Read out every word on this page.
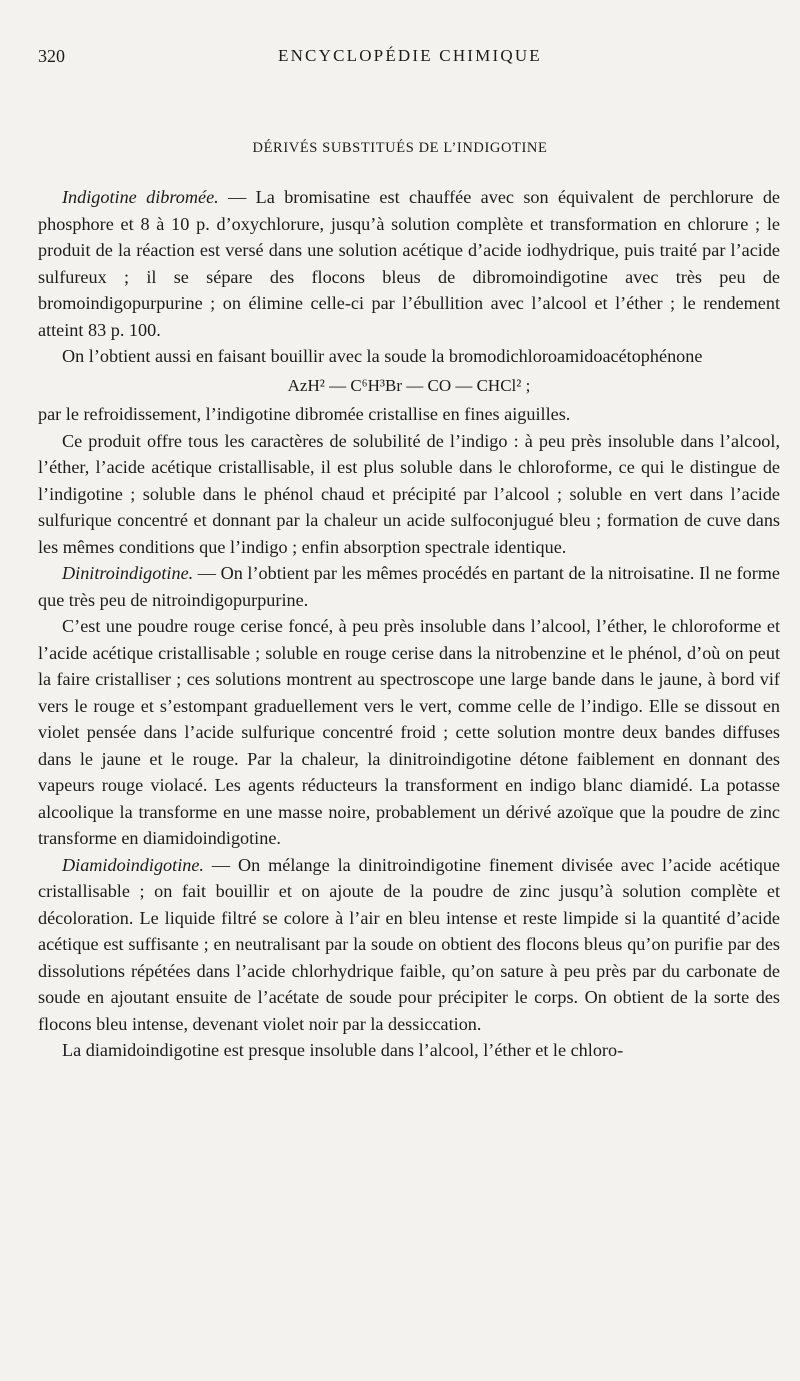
320	ENCYCLOPÉDIE CHIMIQUE
DÉRIVÉS SUBSTITUÉS DE L’INDIGOTINE

Indigotine dibromée. — La bromisatine est chauffée avec son équivalent de perchlorure de phosphore et 8 à 10 p. d’oxychlorure, jusqu’à solution complète et transformation en chlorure ; le produit de la réaction est versé dans une solution acétique d’acide iodhydrique, puis traité par l’acide sulfureux ; il se sépare des flocons bleus de dibromoindigotine avec très peu de bromoindigopurpurine ; on élimine celle-ci par l’ébullition avec l’alcool et l’éther ; le rendement atteint 83 p. 100.

On l’obtient aussi en faisant bouillir avec la soude la bromodichloroamidoacétophénone

AzH² — C⁶H³Br — CO — CHCl² ;

par le refroidissement, l’indigotine dibromée cristallise en fines aiguilles.

Ce produit offre tous les caractères de solubilité de l’indigo : à peu près insoluble dans l’alcool, l’éther, l’acide acétique cristallisable, il est plus soluble dans le chloroforme, ce qui le distingue de l’indigotine ; soluble dans le phénol chaud et précipité par l’alcool ; soluble en vert dans l’acide sulfurique concentré et donnant par la chaleur un acide sulfoconjugué bleu ; formation de cuve dans les mêmes conditions que l’indigo ; enfin absorption spectrale identique.

Dinitroindigotine. — On l’obtient par les mêmes procédés en partant de la nitroisatine. Il ne forme que très peu de nitroindigopurpurine.

C’est une poudre rouge cerise foncé, à peu près insoluble dans l’alcool, l’éther, le chloroforme et l’acide acétique cristallisable ; soluble en rouge cerise dans la nitrobenzine et le phénol, d’où on peut la faire cristalliser ; ces solutions montrent au spectroscope une large bande dans le jaune, à bord vif vers le rouge et s’estompant graduellement vers le vert, comme celle de l’indigo. Elle se dissout en violet pensée dans l’acide sulfurique concentré froid ; cette solution montre deux bandes diffuses dans le jaune et le rouge. Par la chaleur, la dinitroindigotine détone faiblement en donnant des vapeurs rouge violacé. Les agents réducteurs la transforment en indigo blanc diamidé. La potasse alcoolique la transforme en une masse noire, probablement un dérivé azoïque que la poudre de zinc transforme en diamidoindigotine.

Diamidoindigotine. — On mélange la dinitroindigotine finement divisée avec l’acide acétique cristallisable ; on fait bouillir et on ajoute de la poudre de zinc jusqu’à solution complète et décoloration. Le liquide filtré se colore à l’air en bleu intense et reste limpide si la quantité d’acide acétique est suffisante ; en neutralisant par la soude on obtient des flocons bleus qu’on purifie par des dissolutions répétées dans l’acide chlorhydrique faible, qu’on sature à peu près par du carbonate de soude en ajoutant ensuite de l’acétate de soude pour précipiter le corps. On obtient de la sorte des flocons bleu intense, devenant violet noir par la dessiccation.

La diamidoindigotine est presque insoluble dans l’alcool, l’éther et le chloro-
